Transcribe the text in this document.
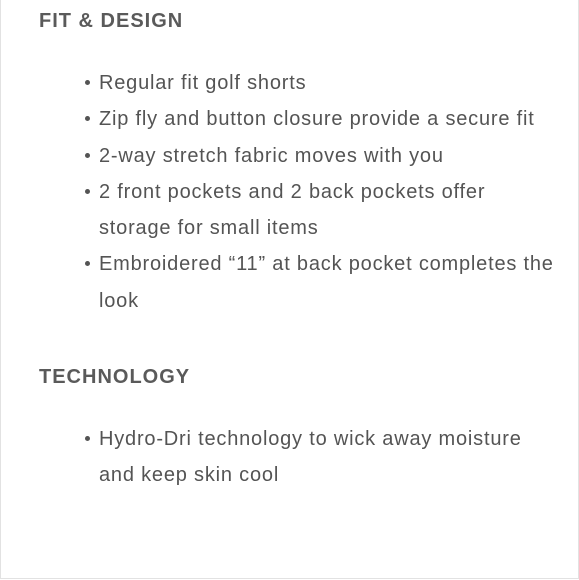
FIT & DESIGN
Regular fit golf shorts
Zip fly and button closure provide a secure fit
2-way stretch fabric moves with you
2 front pockets and 2 back pockets offer storage for small items
Embroidered “11” at back pocket completes the look
TECHNOLOGY
Hydro-Dri technology to wick away moisture and keep skin cool
